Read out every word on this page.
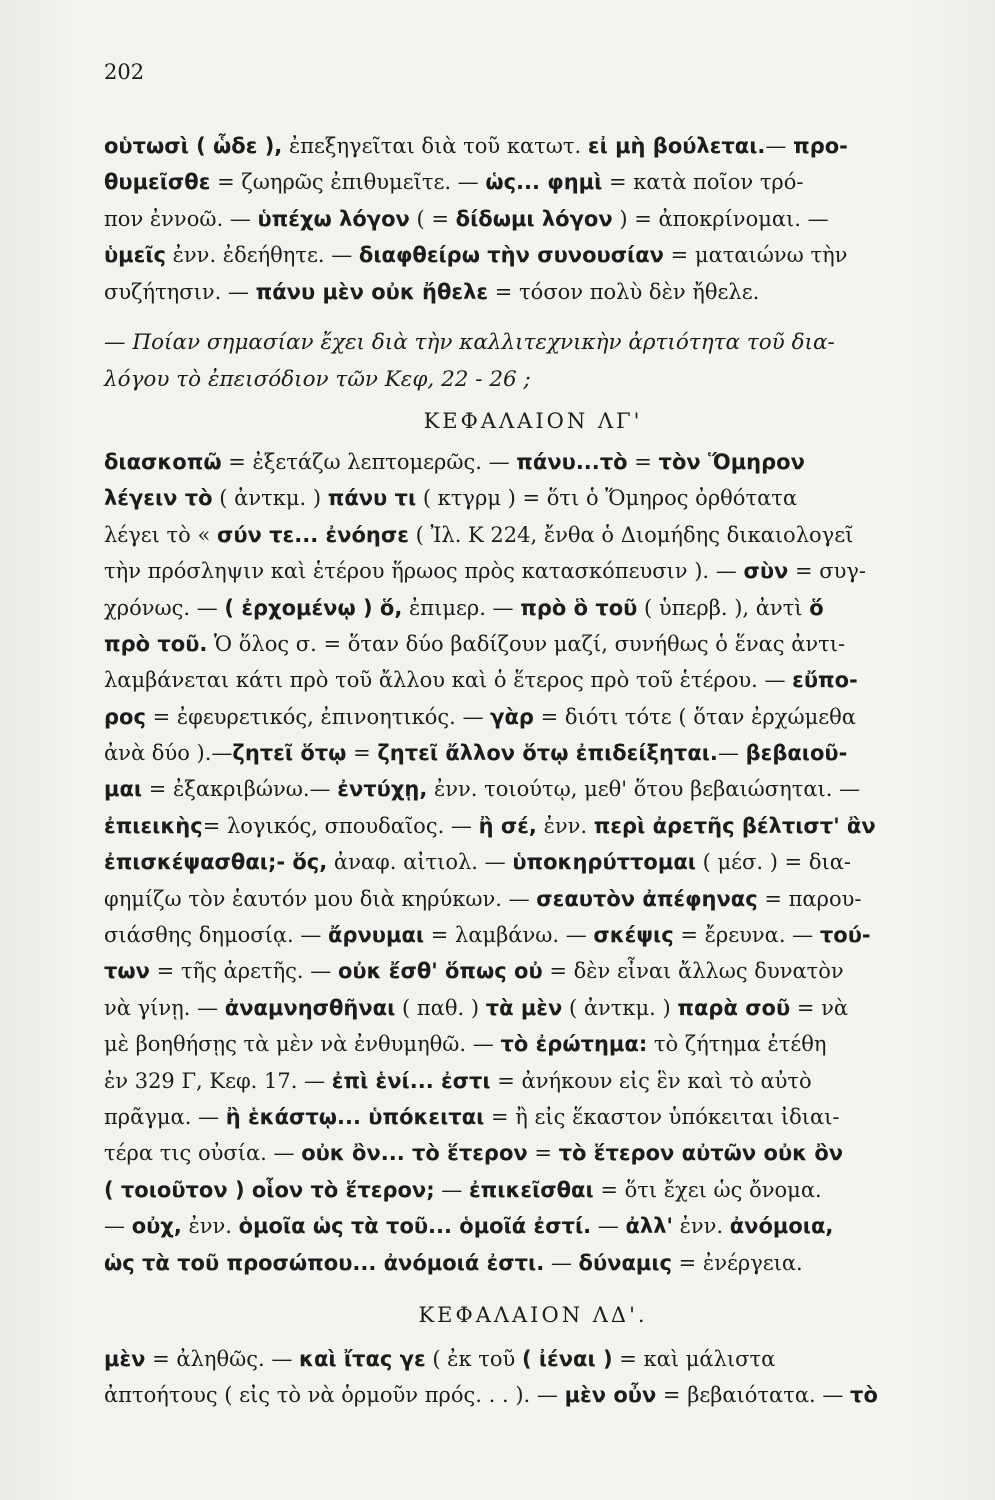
202
οὑτωσὶ ( ὧδε ), ἐπεξηγεῖται διὰ τοῦ κατωτ. εἰ μὴ βούλεται.— προ-
θυμεῖσθε = ζωηρῶς ἐπιθυμεῖτε. — ὡς... φημὶ = κατὰ ποῖον τρό-
πον ἐννοῶ. — ὑπέχω λόγον ( = δίδωμι λόγον ) = ἀποκρίνομαι. —
ὑμεῖς ἐνν. ἐδεήθητε. — διαφθείρω τὴν συνουσίαν = ματαιώνω τὴν
συζήτησιν. — πάνυ μὲν οὐκ ἤθελε = τόσον πολὺ δὲν ἤθελε.
— Ποίαν σημασίαν ἔχει διὰ τὴν καλλιτεχνικὴν ἀρτιότητα τοῦ δια-
λόγου τὸ ἐπεισόδιον τῶν Κεφ, 22 - 26 ;
ΚΕΦΑΛΑΙΟΝ ΛΓ'
διασκοπῶ = ἐξετάζω λεπτομερῶς. — πάνυ...τὸ = τὸν Ὅμηρον
λέγειν τὸ ( ἀντκμ. ) πάνυ τι ( κτγρμ ) = ὅτι ὁ Ὅμηρος ὀρθότατα
λέγει τὸ « σύν τε... ἐνόησε ( Ἰλ. Κ 224, ἔνθα ὁ Διομήδης δικαιολογεῖ
τὴν πρόσληψιν καὶ ἑτέρου ἥρωος πρὸς κατασκόπευσιν ). — σὺν = συγ-
χρόνως. — ( ἐρχομένῳ ) ὅ, ἐπιμερ. — πρὸ ὃ τοῦ ( ὑπερβ. ), ἀντὶ ὅ
πρὸ τοῦ. Ὁ ὅλος σ. = ὅταν δύο βαδίζουν μαζί, συνήθως ὁ ἕνας ἀντι-
λαμβάνεται κάτι πρὸ τοῦ ἄλλου καὶ ὁ ἕτερος πρὸ τοῦ ἑτέρου. — εὔπο-
ρος = ἐφευρετικός, ἐπινοητικός. — γὰρ = διότι τότε ( ὅταν ἐρχώμεθα
ἀνὰ δύο ).—ζητεῖ ὅτῳ = ζητεῖ ἄλλον ὅτῳ ἐπιδείξηται.— βεβαιοῦ-
μαι = ἐξακριβώνω.— ἐντύχῃ, ἐνν. τοιούτῳ, μεθ' ὅτου βεβαιώσηται. —
ἐπιεικὴς= λογικός, σπουδαῖος. — ἢ σέ, ἐνν. περὶ ἀρετῆς βέλτιστ' ἂν
ἐπισκέψασθαι;- ὅς, ἀναφ. αἰτιολ. — ὑποκηρύττομαι ( μέσ. ) = δια-
φημίζω τὸν ἑαυτόν μου διὰ κηρύκων. — σεαυτὸν ἀπέφηνας = παρου-
σιάσθης δημοσίᾳ. — ἄρνυμαι = λαμβάνω. — σκέψις = ἔρευνα. — τού-
των = τῆς ἀρετῆς. — οὐκ ἔσθ' ὅπως οὐ = δὲν εἶναι ἄλλως δυνατὸν
νὰ γίνῃ. — ἀναμνησθῆναι ( παθ. ) τὰ μὲν ( ἀντκμ. ) παρὰ σοῦ = νὰ
μὲ βοηθήσῃς τὰ μὲν νὰ ἐνθυμηθῶ. — τὸ ἐρώτημα: τὸ ζήτημα ἐτέθη
ἐν 329 Γ, Κεφ. 17. — ἐπὶ ἑνί... ἐστι = ἀνήκουν εἰς ἓν καὶ τὸ αὐτὸ
πρᾶγμα. — ἢ ἑκάστῳ... ὑπόκειται = ἢ εἰς ἕκαστον ὑπόκειται ἰδιαι-
τέρα τις οὐσία. — οὐκ ὂν... τὸ ἕτερον = τὸ ἕτερον αὐτῶν οὐκ ὂν
( τοιοῦτον ) οἷον τὸ ἕτερον; — ἐπικεῖσθαι = ὅτι ἔχει ὡς ὄνομα.
— οὐχ, ἐνν. ὁμοῖα ὡς τὰ τοῦ... ὁμοῖά ἐστί. — ἀλλ' ἐνν. ἀνόμοια,
ὡς τὰ τοῦ προσώπου... ἀνόμοιά ἐστι. — δύναμις = ἐνέργεια.
ΚΕΦΑΛΑΙΟΝ ΛΔ'.
μὲν = ἀληθῶς. — καὶ ἴτας γε ( ἐκ τοῦ ( ἰέναι ) = καὶ μάλιστα
ἀπτοήτους ( εἰς τὸ νὰ ὁρμοῦν πρός. . . ). — μὲν οὖν = βεβαιότατα. — τὸ
